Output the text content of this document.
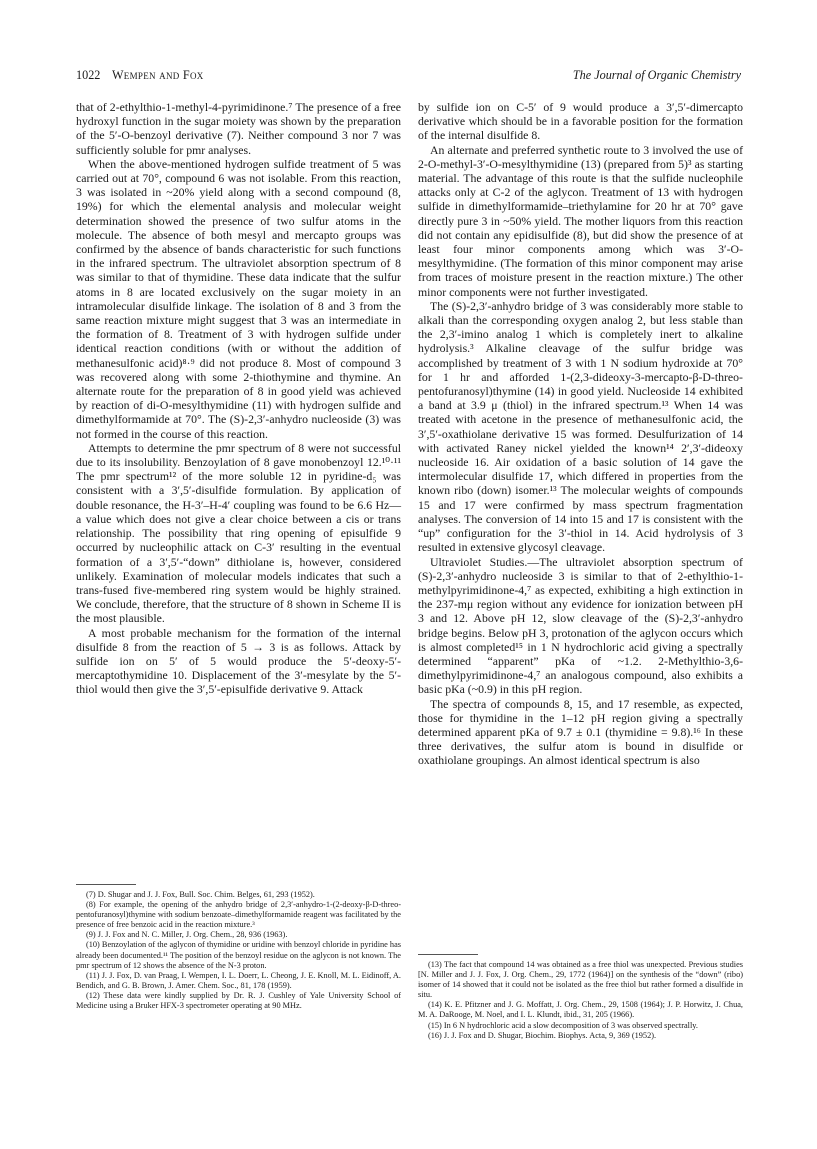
1022 Wempen and Fox	The Journal of Organic Chemistry

that of 2-ethylthio-1-methyl-4-pyrimidinone.⁷ The presence of a free hydroxyl function in the sugar moiety was shown by the preparation of the 5′-O-benzoyl derivative (7). Neither compound 3 nor 7 was sufficiently soluble for pmr analyses.

When the above-mentioned hydrogen sulfide treatment of 5 was carried out at 70°, compound 6 was not isolable. From this reaction, 3 was isolated in ~20% yield along with a second compound (8, 19%) for which the elemental analysis and molecular weight determination showed the presence of two sulfur atoms in the molecule. The absence of both mesyl and mercapto groups was confirmed by the absence of bands characteristic for such functions in the infrared spectrum. The ultraviolet absorption spectrum of 8 was similar to that of thymidine. These data indicate that the sulfur atoms in 8 are located exclusively on the sugar moiety in an intramolecular disulfide linkage. The isolation of 8 and 3 from the same reaction mixture might suggest that 3 was an intermediate in the formation of 8. Treatment of 3 with hydrogen sulfide under identical reaction conditions (with or without the addition of methanesulfonic acid)⁸·⁹ did not produce 8. Most of compound 3 was recovered along with some 2-thiothymine and thymine. An alternate route for the preparation of 8 in good yield was achieved by reaction of di-O-mesylthymidine (11) with hydrogen sulfide and dimethylformamide at 70°. The (S)-2,3′-anhydro nucleoside (3) was not formed in the course of this reaction.

Attempts to determine the pmr spectrum of 8 were not successful due to its insolubility. Benzoylation of 8 gave monobenzoyl 12.¹⁰·¹¹ The pmr spectrum¹² of the more soluble 12 in pyridine-d₅ was consistent with a 3′,5′-disulfide formulation. By application of double resonance, the H-3′–H-4′ coupling was found to be 6.6 Hz—a value which does not give a clear choice between a cis or trans relationship. The possibility that ring opening of episulfide 9 occurred by nucleophilic attack on C-3′ resulting in the eventual formation of a 3′,5′-“down” dithiolane is, however, considered unlikely. Examination of molecular models indicates that such a trans-fused five-membered ring system would be highly strained. We conclude, therefore, that the structure of 8 shown in Scheme II is the most plausible.

A most probable mechanism for the formation of the internal disulfide 8 from the reaction of 5 → 3 is as follows. Attack by sulfide ion on 5′ of 5 would produce the 5′-deoxy-5′-mercaptothymidine 10. Displacement of the 3′-mesylate by the 5′-thiol would then give the 3′,5′-episulfide derivative 9. Attack

by sulfide ion on C-5′ of 9 would produce a 3′,5′-dimercapto derivative which should be in a favorable position for the formation of the internal disulfide 8.

An alternate and preferred synthetic route to 3 involved the use of 2-O-methyl-3′-O-mesylthymidine (13) (prepared from 5)³ as starting material. The advantage of this route is that the sulfide nucleophile attacks only at C-2 of the aglycon. Treatment of 13 with hydrogen sulfide in dimethylformamide–triethylamine for 20 hr at 70° gave directly pure 3 in ~50% yield. The mother liquors from this reaction did not contain any epidisulfide (8), but did show the presence of at least four minor components among which was 3′-O-mesylthymidine. (The formation of this minor component may arise from traces of moisture present in the reaction mixture.) The other minor components were not further investigated.

The (S)-2,3′-anhydro bridge of 3 was considerably more stable to alkali than the corresponding oxygen analog 2, but less stable than the 2,3′-imino analog 1 which is completely inert to alkaline hydrolysis.³ Alkaline cleavage of the sulfur bridge was accomplished by treatment of 3 with 1 N sodium hydroxide at 70° for 1 hr and afforded 1-(2,3-dideoxy-3-mercapto-β-D-threo-pentofuranosyl)thymine (14) in good yield. Nucleoside 14 exhibited a band at 3.9 μ (thiol) in the infrared spectrum.¹³ When 14 was treated with acetone in the presence of methanesulfonic acid, the 3′,5′-oxathiolane derivative 15 was formed. Desulfurization of 14 with activated Raney nickel yielded the known¹⁴ 2′,3′-dideoxy nucleoside 16. Air oxidation of a basic solution of 14 gave the intermolecular disulfide 17, which differed in properties from the known ribo (down) isomer.¹³ The molecular weights of compounds 15 and 17 were confirmed by mass spectrum fragmentation analyses. The conversion of 14 into 15 and 17 is consistent with the “up” configuration for the 3′-thiol in 14. Acid hydrolysis of 3 resulted in extensive glycosyl cleavage.

Ultraviolet Studies.—The ultraviolet absorption spectrum of (S)-2,3′-anhydro nucleoside 3 is similar to that of 2-ethylthio-1-methylpyrimidinone-4,⁷ as expected, exhibiting a high extinction in the 237-mμ region without any evidence for ionization between pH 3 and 12. Above pH 12, slow cleavage of the (S)-2,3′-anhydro bridge begins. Below pH 3, protonation of the aglycon occurs which is almost completed¹⁵ in 1 N hydrochloric acid giving a spectrally determined “apparent” pKa of ~1.2. 2-Methylthio-3,6-dimethylpyrimidinone-4,⁷ an analogous compound, also exhibits a basic pKa (~0.9) in this pH region.

The spectra of compounds 8, 15, and 17 resemble, as expected, those for thymidine in the 1–12 pH region giving a spectrally determined apparent pKa of 9.7 ± 0.1 (thymidine = 9.8).¹⁶ In these three derivatives, the sulfur atom is bound in disulfide or oxathiolane groupings. An almost identical spectrum is also

(7) D. Shugar and J. J. Fox, Bull. Soc. Chim. Belges, 61, 293 (1952).

(8) For example, the opening of the anhydro bridge of 2,3′-anhydro-1-(2-deoxy-β-D-threo-pentofuranosyl)thymine with sodium benzoate–dimethylformamide reagent was facilitated by the presence of free benzoic acid in the reaction mixture.³

(9) J. J. Fox and N. C. Miller, J. Org. Chem., 28, 936 (1963).

(10) Benzoylation of the aglycon of thymidine or uridine with benzoyl chloride in pyridine has already been documented.¹¹ The position of the benzoyl residue on the aglycon is not known. The pmr spectrum of 12 shows the absence of the N-3 proton.

(11) J. J. Fox, D. van Praag, I. Wempen, I. L. Doerr, L. Cheong, J. E. Knoll, M. L. Eidinoff, A. Bendich, and G. B. Brown, J. Amer. Chem. Soc., 81, 178 (1959).

(12) These data were kindly supplied by Dr. R. J. Cushley of Yale University School of Medicine using a Bruker HFX-3 spectrometer operating at 90 MHz.

(13) The fact that compound 14 was obtained as a free thiol was unexpected. Previous studies [N. Miller and J. J. Fox, J. Org. Chem., 29, 1772 (1964)] on the synthesis of the “down” (ribo) isomer of 14 showed that it could not be isolated as the free thiol but rather formed a disulfide in situ.

(14) K. E. Pfitzner and J. G. Moffatt, J. Org. Chem., 29, 1508 (1964); J. P. Horwitz, J. Chua, M. A. DaRooge, M. Noel, and I. L. Klundt, ibid., 31, 205 (1966).

(15) In 6 N hydrochloric acid a slow decomposition of 3 was observed spectrally.

(16) J. J. Fox and D. Shugar, Biochim. Biophys. Acta, 9, 369 (1952).
